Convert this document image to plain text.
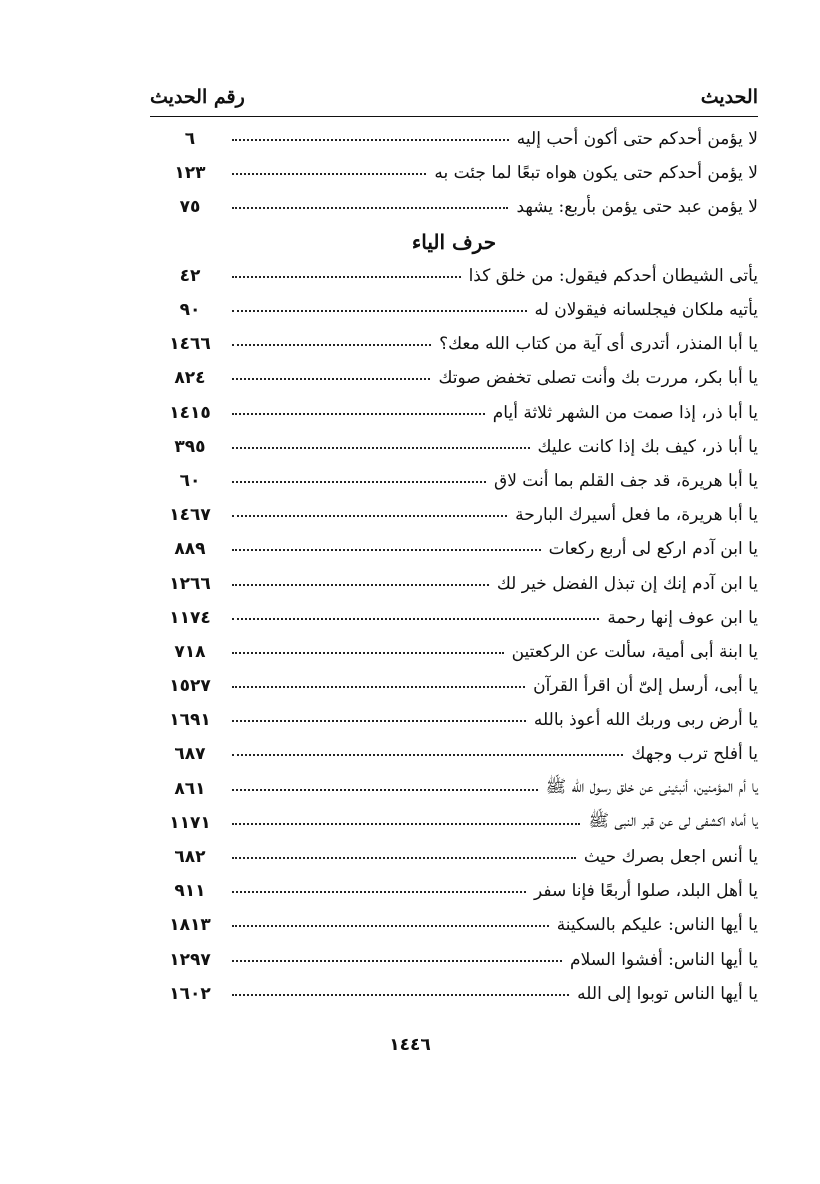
الحديث
رقم الحديث
٦	لا يؤمن أحدكم حتى أكون أحب إليه
١٢٣	لا يؤمن أحدكم حتى يكون هواه تبعًا لما جئت به
٧٥	لا يؤمن عبد حتى يؤمن بأربع: يشهد
حرف الياء
٤٢	يأتى الشيطان أحدكم فيقول: من خلق كذا
٩٠	يأتيه ملكان فيجلسانه فيقولان له
١٤٦٦	يا أبا المنذر، أتدرى أى آية من كتاب الله معك؟
٨٢٤	يا أبا بكر، مررت بك وأنت تصلى تخفض صوتك
١٤١٥	يا أبا ذر، إذا صمت من الشهر ثلاثة أيام
٣٩٥	يا أبا ذر، كيف بك إذا كانت عليك
٦٠	يا أبا هريرة، قد جف القلم بما أنت لاق
١٤٦٧	يا أبا هريرة، ما فعل أسيرك البارحة
٨٨٩	يا ابن آدم اركع لى أربع ركعات
١٢٦٦	يا ابن آدم إنك إن تبذل الفضل خير لك
١١٧٤	يا ابن عوف إنها رحمة
٧١٨	يا ابنة أبى أمية، سألت عن الركعتين
١٥٢٧	يا أبى، أرسل إلىّ أن اقرأ القرآن
١٦٩١	يا أرض ربى وربك الله أعوذ بالله
٦٨٧	يا أفلح ترب وجهك
٨٦١	يا أم المؤمنين، أنبئينى عن خلق رسول الله ﷺ
١١٧١	يا أماه اكشفى لى عن قبر النبى ﷺ
٦٨٢	يا أنس اجعل بصرك حيث
٩١١	يا أهل البلد، صلوا أربعًا فإنا سفر
١٨١٣	يا أيها الناس: عليكم بالسكينة
١٢٩٧	يا أيها الناس: أفشوا السلام
١٦٠٢	يا أيها الناس توبوا إلى الله
١٤٤٦
